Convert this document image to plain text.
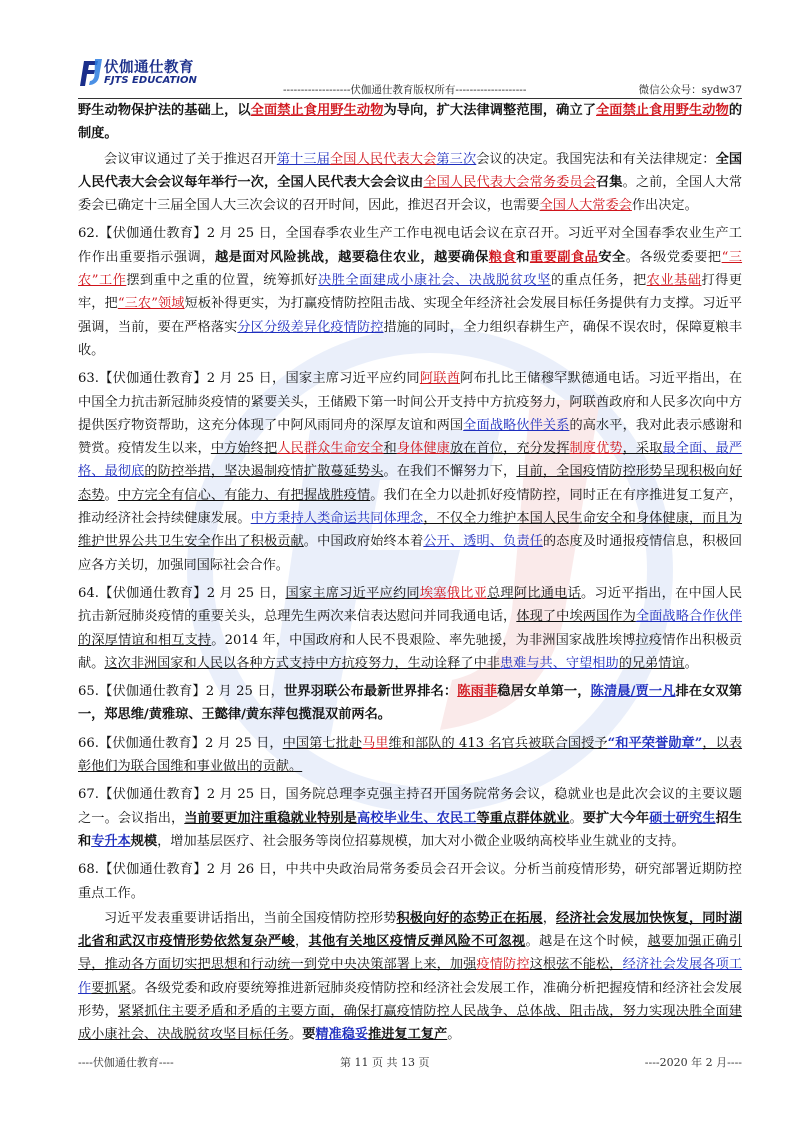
伏伽通仕教育
FJTS EDUCATION
-------------------伏伽通仕教育版权所有--------------------	微信公众号：sydw37

野生动物保护法的基础上，以全面禁止食用野生动物为导向，扩大法律调整范围，确立了全面禁止食用野生动物的制度。

会议审议通过了关于推迟召开第十三届全国人民代表大会第三次会议的决定。我国宪法和有关法律规定：全国人民代表大会会议每年举行一次，全国人民代表大会会议由全国人民代表大会常务委员会召集。之前，全国人大常委会已确定十三届全国人大三次会议的召开时间，因此，推迟召开会议，也需要全国人大常委会作出决定。

62.【伏伽通仕教育】2 月 25 日，全国春季农业生产工作电视电话会议在京召开。习近平对全国春季农业生产工作作出重要指示强调，越是面对风险挑战，越要稳住农业，越要确保粮食和重要副食品安全。各级党委要把“三农”工作摆到重中之重的位置，统筹抓好决胜全面建成小康社会、决战脱贫攻坚的重点任务，把农业基础打得更牢，把“三农”领域短板补得更实，为打赢疫情防控阻击战、实现全年经济社会发展目标任务提供有力支撑。习近平强调，当前，要在严格落实分区分级差异化疫情防控措施的同时，全力组织春耕生产，确保不误农时，保障夏粮丰收。

63.【伏伽通仕教育】2 月 25 日，国家主席习近平应约同阿联酋阿布扎比王储穆罕默德通电话。习近平指出，在中国全力抗击新冠肺炎疫情的紧要关头，王储殿下第一时间公开支持中方抗疫努力，阿联酋政府和人民多次向中方提供医疗物资帮助，这充分体现了中阿风雨同舟的深厚友谊和两国全面战略伙伴关系的高水平，我对此表示感谢和赞赏。疫情发生以来，中方始终把人民群众生命安全和身体健康放在首位，充分发挥制度优势，采取最全面、最严格、最彻底的防控举措，坚决遏制疫情扩散蔓延势头。在我们不懈努力下，目前，全国疫情防控形势呈现积极向好态势。中方完全有信心、有能力、有把握战胜疫情。我们在全力以赴抓好疫情防控，同时正在有序推进复工复产，推动经济社会持续健康发展。中方秉持人类命运共同体理念，不仅全力维护本国人民生命安全和身体健康，而且为维护世界公共卫生安全作出了积极贡献。中国政府始终本着公开、透明、负责任的态度及时通报疫情信息，积极回应各方关切，加强同国际社会合作。

64.【伏伽通仕教育】2 月 25 日，国家主席习近平应约同埃塞俄比亚总理阿比通电话。习近平指出，在中国人民抗击新冠肺炎疫情的重要关头，总理先生两次来信表达慰问并同我通电话，体现了中埃两国作为全面战略合作伙伴的深厚情谊和相互支持。2014 年，中国政府和人民不畏艰险、率先驰援，为非洲国家战胜埃博拉疫情作出积极贡献。这次非洲国家和人民以各种方式支持中方抗疫努力，生动诠释了中非患难与共、守望相助的兄弟情谊。

65.【伏伽通仕教育】2 月 25 日，世界羽联公布最新世界排名：陈雨菲稳居女单第一，陈清晨/贾一凡排在女双第一，郑思维/黄雅琼、王懿律/黄东萍包揽混双前两名。

66.【伏伽通仕教育】2 月 25 日，中国第七批赴马里维和部队的 413 名官兵被联合国授予“和平荣誉勋章”，以表彰他们为联合国维和事业做出的贡献。

67.【伏伽通仕教育】2 月 25 日，国务院总理李克强主持召开国务院常务会议，稳就业也是此次会议的主要议题之一。会议指出，当前要更加注重稳就业特别是高校毕业生、农民工等重点群体就业。要扩大今年硕士研究生招生和专升本规模，增加基层医疗、社会服务等岗位招募规模，加大对小微企业吸纳高校毕业生就业的支持。

68.【伏伽通仕教育】2 月 26 日，中共中央政治局常务委员会召开会议。分析当前疫情形势，研究部署近期防控重点工作。

习近平发表重要讲话指出，当前全国疫情防控形势积极向好的态势正在拓展，经济社会发展加快恢复，同时湖北省和武汉市疫情形势依然复杂严峻，其他有关地区疫情反弹风险不可忽视。越是在这个时候，越要加强正确引导，推动各方面切实把思想和行动统一到党中央决策部署上来，加强疫情防控这根弦不能松，经济社会发展各项工作要抓紧。各级党委和政府要统筹推进新冠肺炎疫情防控和经济社会发展工作，准确分析把握疫情和经济社会发展形势，紧紧抓住主要矛盾和矛盾的主要方面，确保打赢疫情防控人民战争、总体战、阻击战，努力实现决胜全面建成小康社会、决战脱贫攻坚目标任务。要精准稳妥推进复工复产。

----伏伽通仕教育----	第 11 页 共 13 页	----2020 年 2 月----
